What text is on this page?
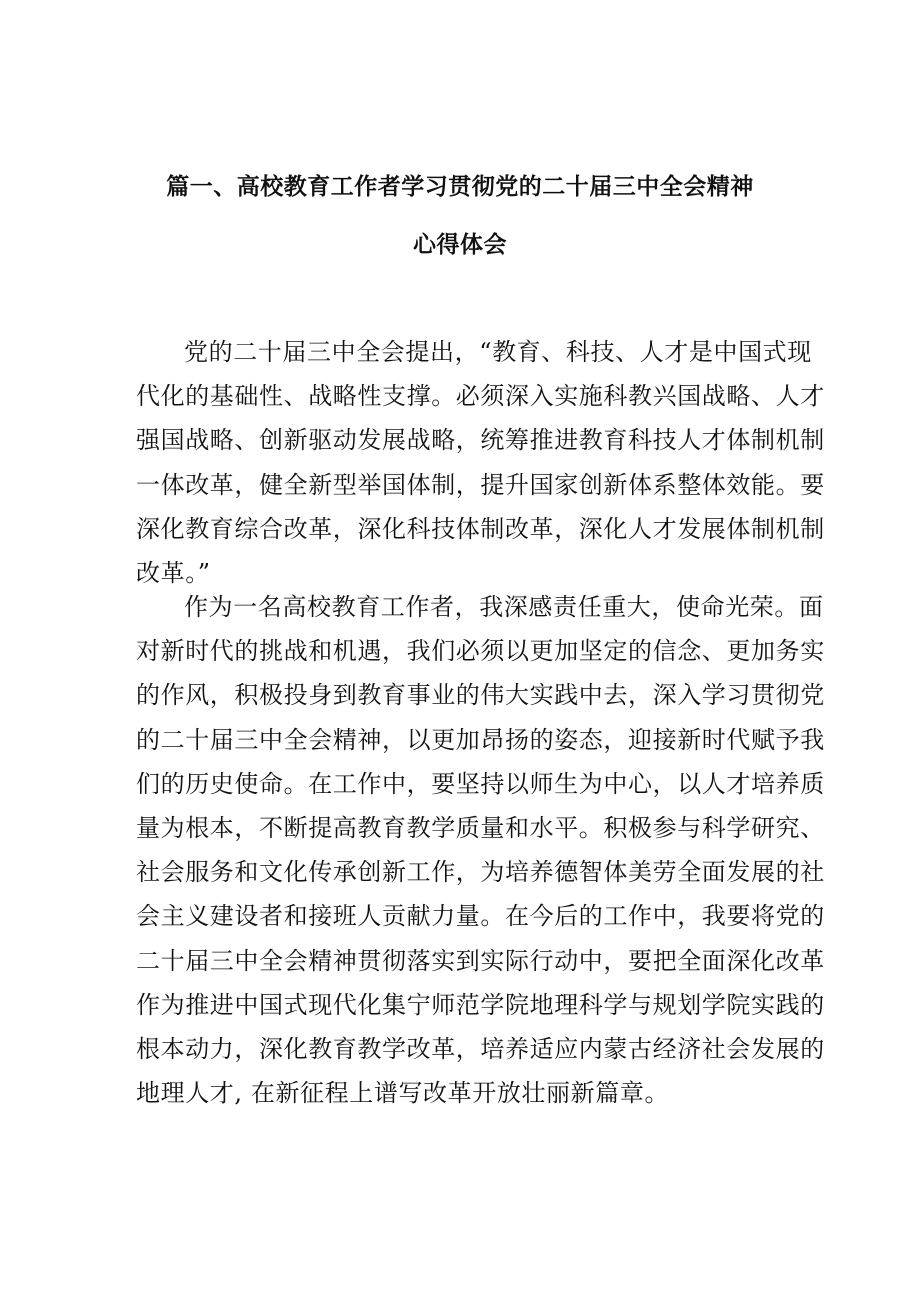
篇一、高校教育工作者学习贯彻党的二十届三中全会精神
心得体会
党的二十届三中全会提出，“教育、科技、人才是中国式现
代化的基础性、战略性支撑。必须深入实施科教兴国战略、人才
强国战略、创新驱动发展战略，统筹推进教育科技人才体制机制
一体改革，健全新型举国体制，提升国家创新体系整体效能。要
深化教育综合改革，深化科技体制改革，深化人才发展体制机制
改革。”
作为一名高校教育工作者，我深感责任重大，使命光荣。面
对新时代的挑战和机遇，我们必须以更加坚定的信念、更加务实
的作风，积极投身到教育事业的伟大实践中去，深入学习贯彻党
的二十届三中全会精神，以更加昂扬的姿态，迎接新时代赋予我
们的历史使命。在工作中，要坚持以师生为中心，以人才培养质
量为根本，不断提高教育教学质量和水平。积极参与科学研究、
社会服务和文化传承创新工作，为培养德智体美劳全面发展的社
会主义建设者和接班人贡献力量。在今后的工作中，我要将党的
二十届三中全会精神贯彻落实到实际行动中，要把全面深化改革
作为推进中国式现代化集宁师范学院地理科学与规划学院实践的
根本动力，深化教育教学改革，培养适应内蒙古经济社会发展的
地理人才, 在新征程上谱写改革开放壮丽新篇章。
